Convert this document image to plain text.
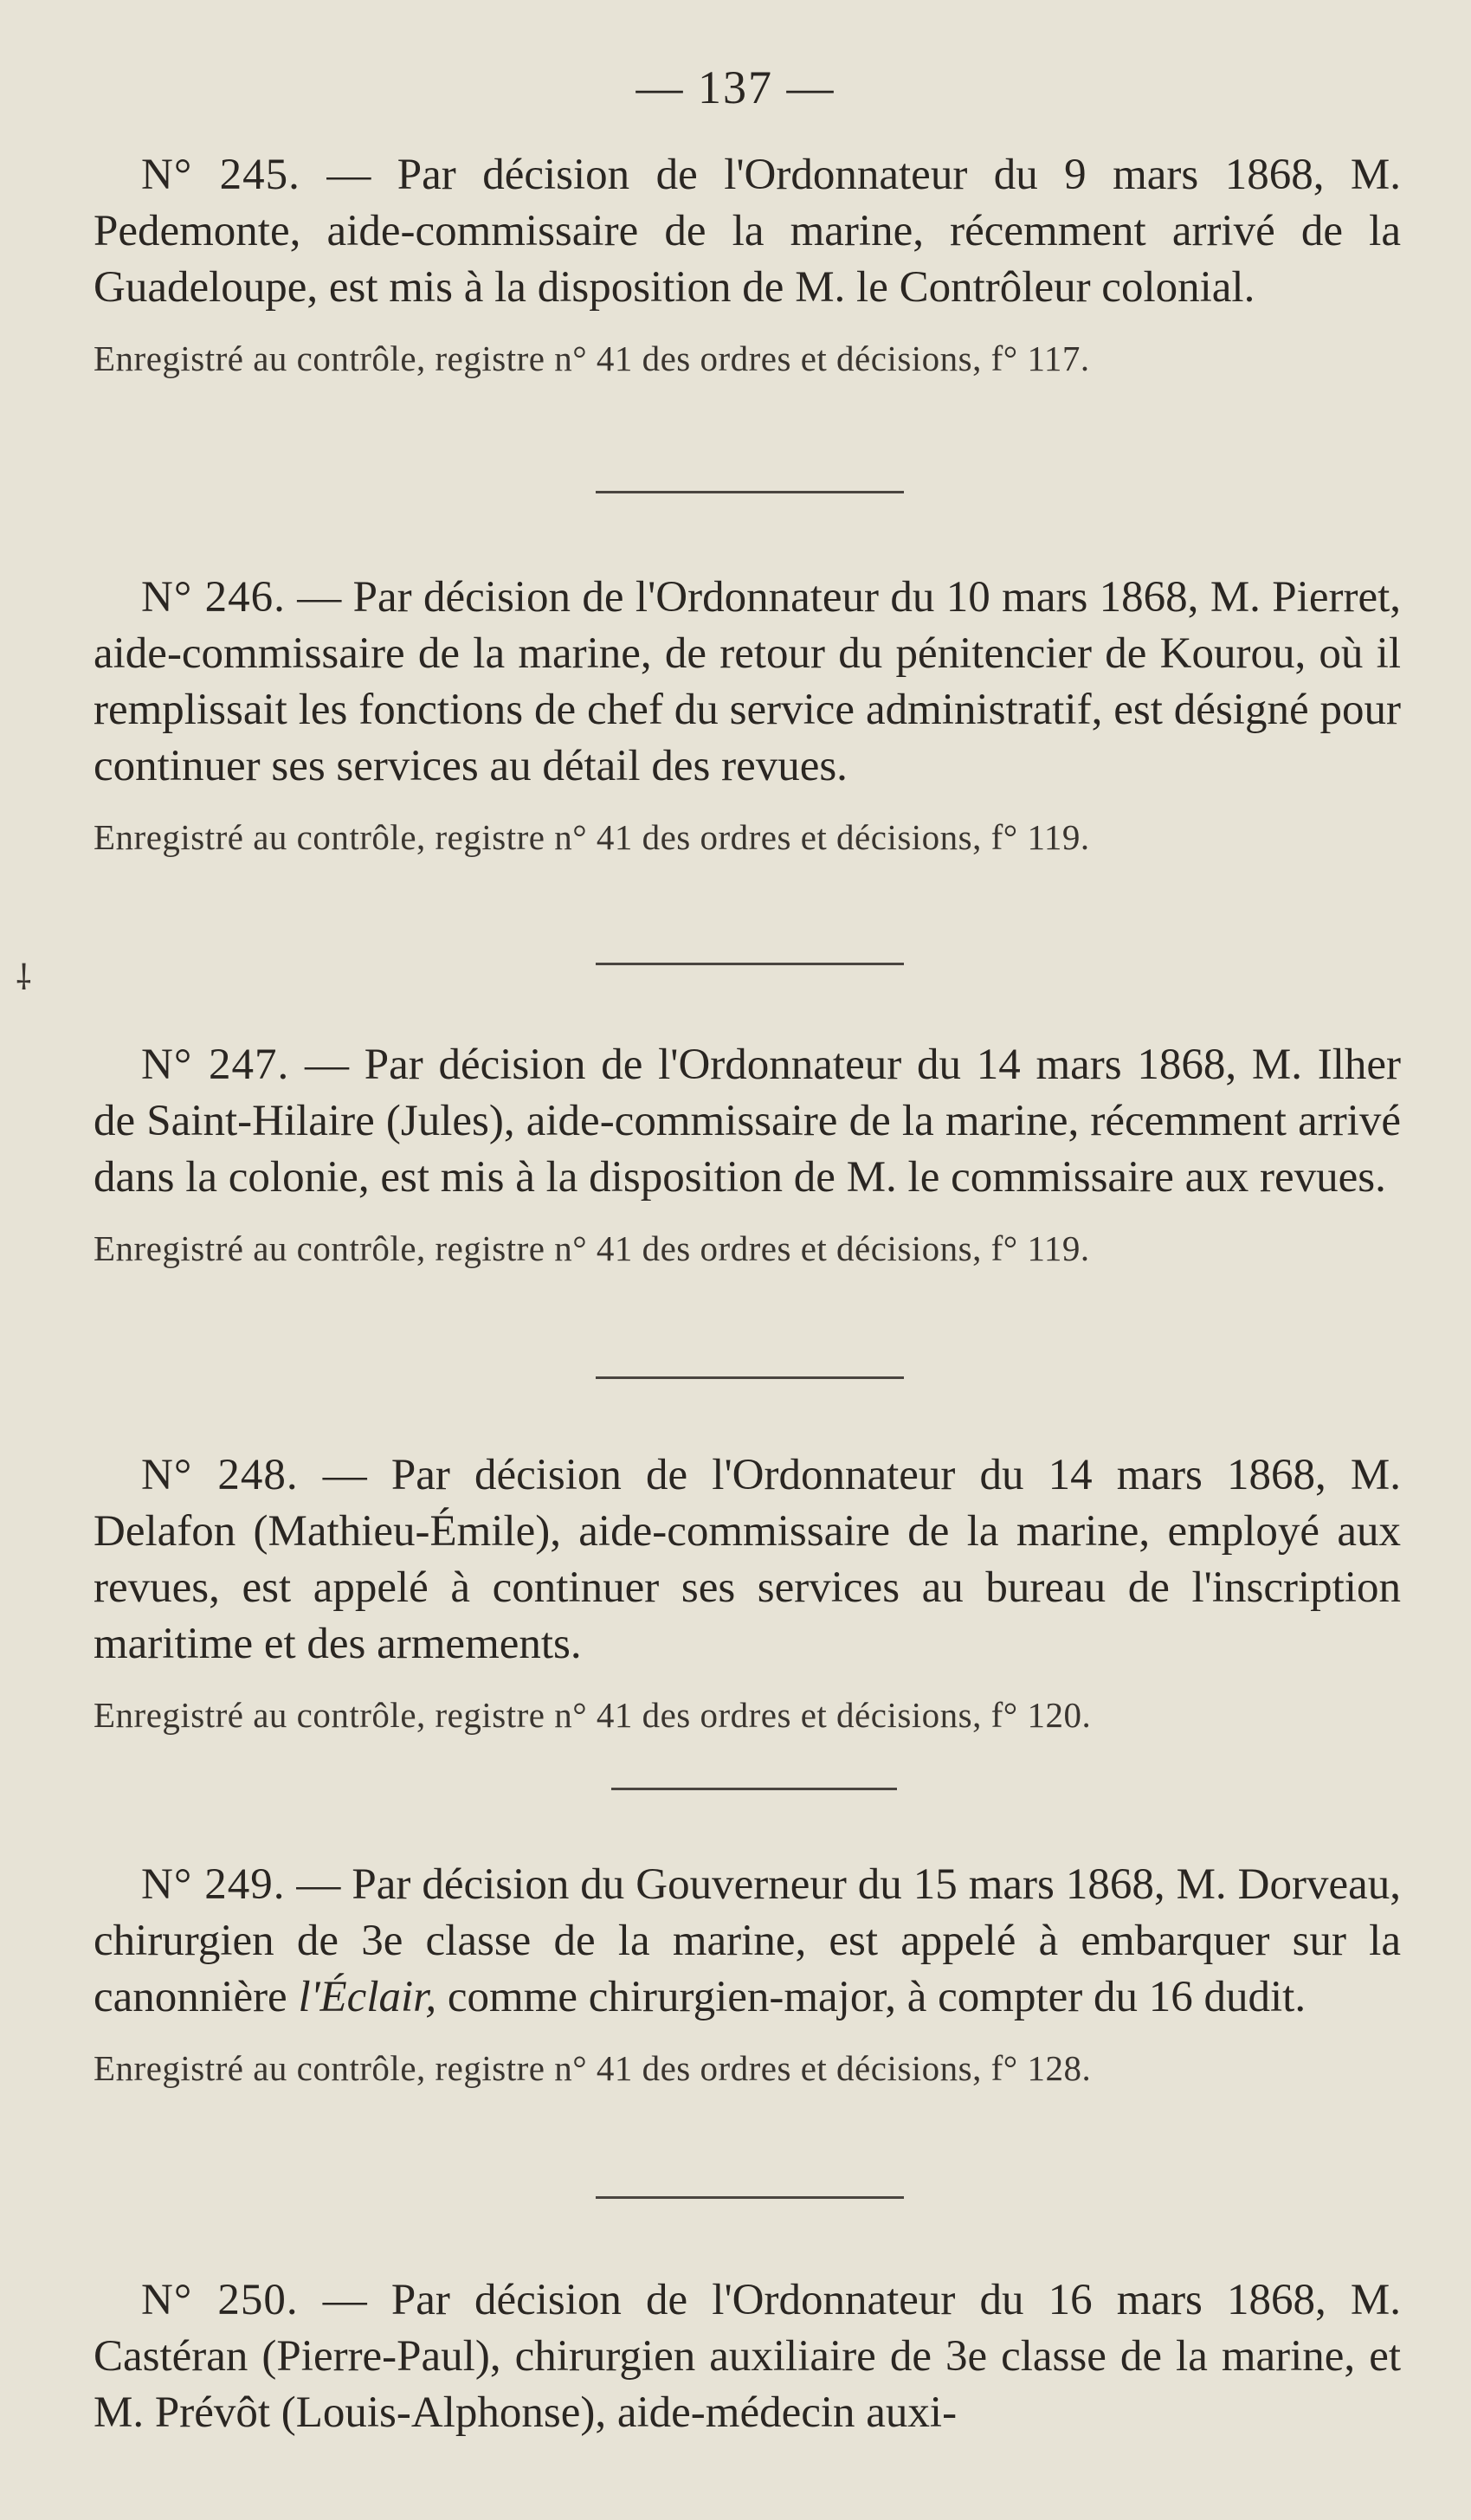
— 137 —

N° 245. — Par décision de l'Ordonnateur du 9 mars 1868, M. Pedemonte, aide-commissaire de la marine, récemment arrivé de la Guadeloupe, est mis à la disposition de M. le Contrôleur colonial.

Enregistré au contrôle, registre n° 41 des ordres et décisions, f° 117.

N° 246. — Par décision de l'Ordonnateur du 10 mars 1868, M. Pierret, aide-commissaire de la marine, de retour du pénitencier de Kourou, où il remplissait les fonctions de chef du service administratif, est désigné pour continuer ses services au détail des revues.

Enregistré au contrôle, registre n° 41 des ordres et décisions, f° 119.

N° 247. — Par décision de l'Ordonnateur du 14 mars 1868, M. Ilher de Saint-Hilaire (Jules), aide-commissaire de la marine, récemment arrivé dans la colonie, est mis à la disposition de M. le commissaire aux revues.

Enregistré au contrôle, registre n° 41 des ordres et décisions, f° 119.

N° 248. — Par décision de l'Ordonnateur du 14 mars 1868, M. Delafon (Mathieu-Émile), aide-commissaire de la marine, employé aux revues, est appelé à continuer ses services au bureau de l'inscription maritime et des armements.

Enregistré au contrôle, registre n° 41 des ordres et décisions, f° 120.

N° 249. — Par décision du Gouverneur du 15 mars 1868, M. Dorveau, chirurgien de 3e classe de la marine, est appelé à embarquer sur la canonnière l'Éclair, comme chirurgien-major, à compter du 16 dudit.

Enregistré au contrôle, registre n° 41 des ordres et décisions, f° 128.

N° 250. — Par décision de l'Ordonnateur du 16 mars 1868, M. Castéran (Pierre-Paul), chirurgien auxiliaire de 3e classe de la marine, et M. Prévôt (Louis-Alphonse), aide-médecin auxi-

⸸
